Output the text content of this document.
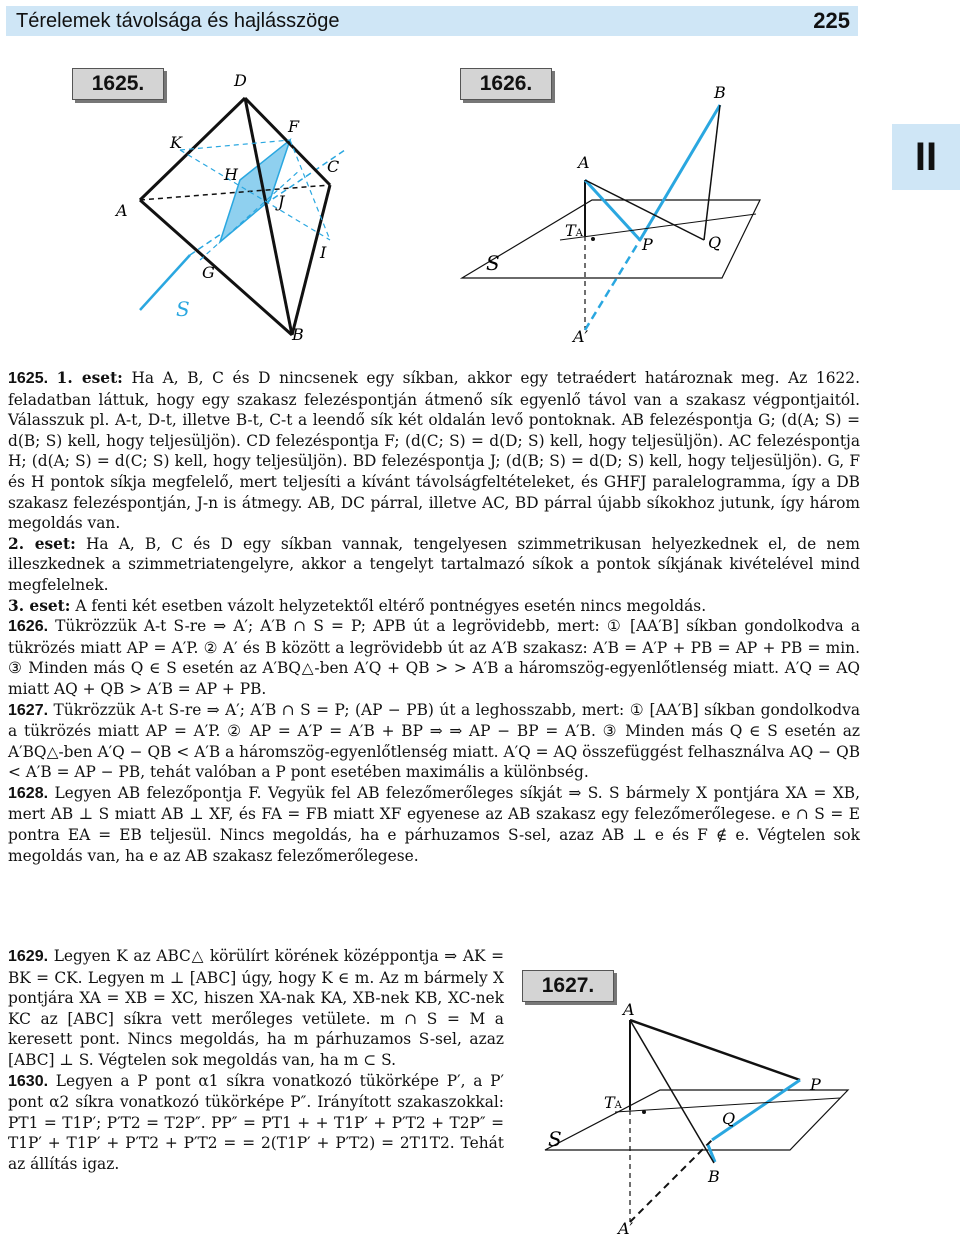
Térelemek távolsága és hajlásszöge	225
II
1625.	1626.
1627.
D
F
K
C
H
A	J
G
I
S
B
B
A
TA
P	Q
S
A′

1625. 1. eset: Ha A, B, C és D nincsenek egy síkban, akkor egy tetraédert határoznak meg. Az 1622. feladatban láttuk, hogy egy szakasz felezéspontján átmenő sík egyenlő távol van a szakasz végpontjaitól. Válasszuk pl. A-t, D-t, illetve B-t, C-t a leendő sík két oldalán levő pontoknak. AB felezéspontja G; (d(A; S) = d(B; S) kell, hogy teljesüljön). CD felezéspontja F; (d(C; S) = d(D; S) kell, hogy teljesüljön). AC felezéspontja H; (d(A; S) = d(C; S) kell, hogy teljesüljön). BD felezéspontja J; (d(B; S) = d(D; S) kell, hogy teljesüljön). G, F és H pontok síkja megfelelő, mert teljesíti a kívánt távolságfeltételeket, és GHFJ paralelogramma, így a DB szakasz felezéspontján, J-n is átmegy. AB, DC párral, illetve AC, BD párral újabb síkokhoz jutunk, így három megoldás van.

2. eset: Ha A, B, C és D egy síkban vannak, tengelyesen szimmetrikusan helyezkednek el, de nem illeszkednek a szimmetriatengelyre, akkor a tengelyt tartalmazó síkok a pontok síkjának kivételével mind megfelelnek.

3. eset: A fenti két esetben vázolt helyzetektől eltérő pontnégyes esetén nincs megoldás.

1626. Tükrözzük A-t S-re ⇒ A′; A′B ∩ S = P; APB út a legrövidebb, mert: ① [AA′B] síkban gondolkodva a tükrözés miatt AP = A′P. ② A′ és B között a legrövidebb út az A′B szakasz: A′B = A′P + PB = AP + PB = min. ③ Minden más Q ∈ S esetén az A′BQ△-ben A′Q + QB > > A′B a háromszög-egyenlőtlenség miatt. A′Q = AQ miatt AQ + QB > A′B = AP + PB.

1627. Tükrözzük A-t S-re ⇒ A′; A′B ∩ S = P; (AP − PB) út a leghosszabb, mert: ① [AA′B] síkban gondolkodva a tükrözés miatt AP = A′P. ② AP = A′P = A′B + BP ⇒ ⇒ AP − BP = A′B. ③ Minden más Q ∈ S esetén az A′BQ△-ben A′Q − QB < A′B a háromszög-egyenlőtlenség miatt. A′Q = AQ összefüggést felhasználva AQ − QB < A′B = AP − PB, tehát valóban a P pont esetében maximális a különbség.

1628. Legyen AB felezőpontja F. Vegyük fel AB felezőmerőleges síkját ⇒ S. S bármely X pontjára XA = XB, mert AB ⊥ S miatt AB ⊥ XF, és FA = FB miatt XF egyenese az AB szakasz egy felezőmerőlegese. e ∩ S = E pontra EA = EB teljesül. Nincs megoldás, ha e párhuzamos S-sel, azaz AB ⊥ e és F ∉ e. Végtelen sok megoldás van, ha e az AB szakasz felezőmerőlegese.

1629. Legyen K az ABC△ körülírt körének középpontja ⇒ AK = BK = CK. Legyen m ⊥ [ABC] úgy, hogy K ∈ m. Az m bármely X pontjára XA = XB = XC, hiszen XA-nak KA, XB-nek KB, XC-nek KC az [ABC] síkra vett merőleges vetülete. m ∩ S = M a keresett pont. Nincs megoldás, ha m párhuzamos S-sel, azaz [ABC] ⊥ S. Végtelen sok megoldás van, ha m ⊂ S.

1630. Legyen a P pont α1 síkra vonatkozó tükörképe P′, a P′ pont α2 síkra vonatkozó tükörképe P″. Irányított szakaszokkal: PT1 = T1P′; P′T2 = T2P″. PP″ = PT1 + + T1P′ + P′T2 + T2P″ = T1P′ + T1P′ + P′T2 + P′T2 = = 2(T1P′ + P′T2) = 2T1T2. Tehát az állítás igaz.

A
TA
P
Q
S
B
A′
